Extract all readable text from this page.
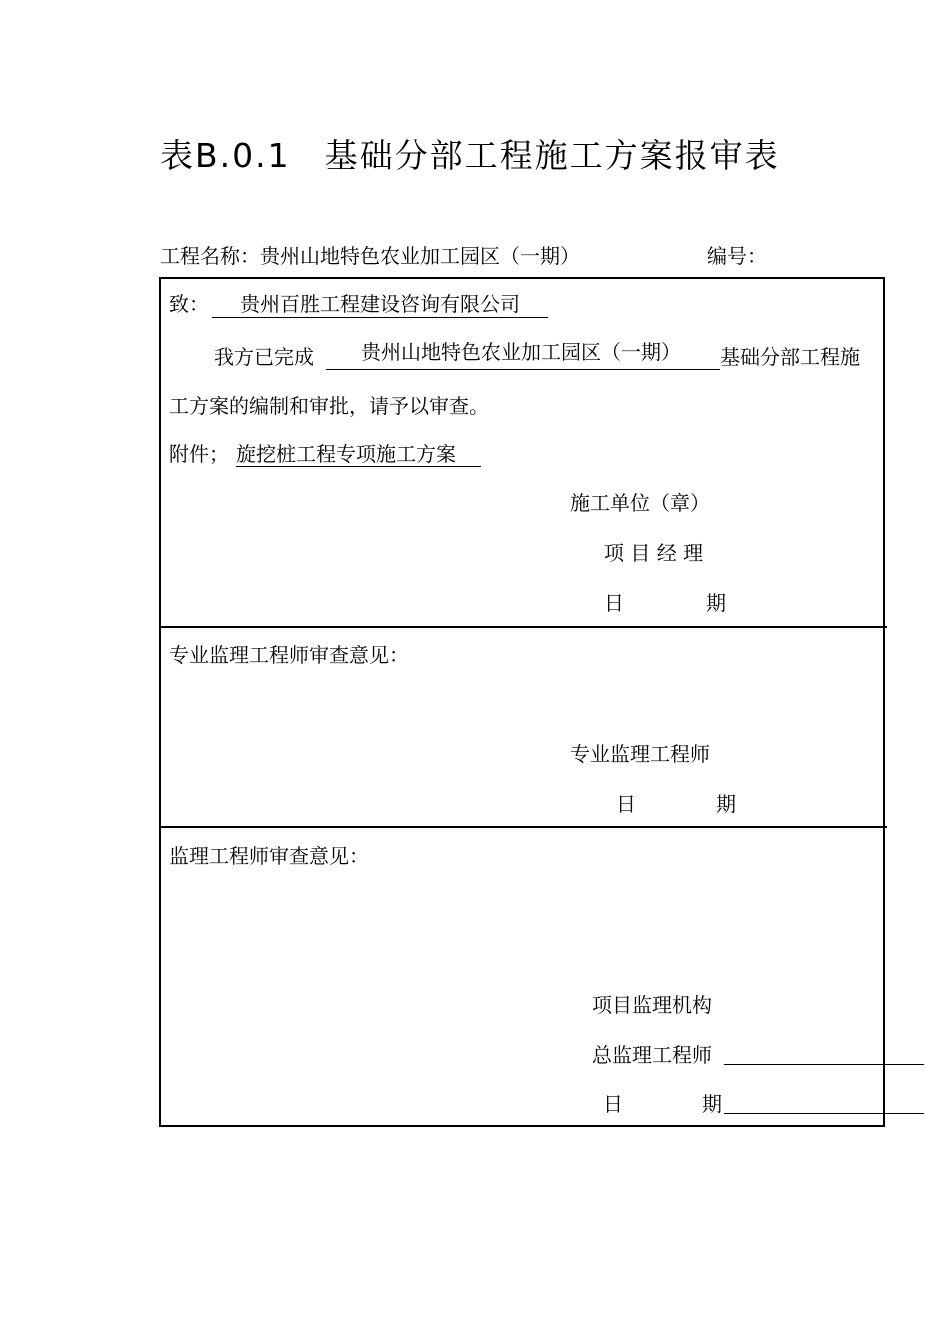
表B.0.1 基础分部工程施工方案报审表
工程名称：贵州山地特色农业加工园区（一期）	编号：
致：	贵州百胜工程建设咨询有限公司
我方已完成	贵州山地特色农业加工园区（一期）	基础分部工程施
工方案的编制和审批，请予以审查。
附件； 旋挖桩工程专项施工方案
施工单位（章）
项 目 经 理
日	期
专业监理工程师审查意见：
专业监理工程师
日	期
监理工程师审查意见：
项目监理机构
总监理工程师
日	期
